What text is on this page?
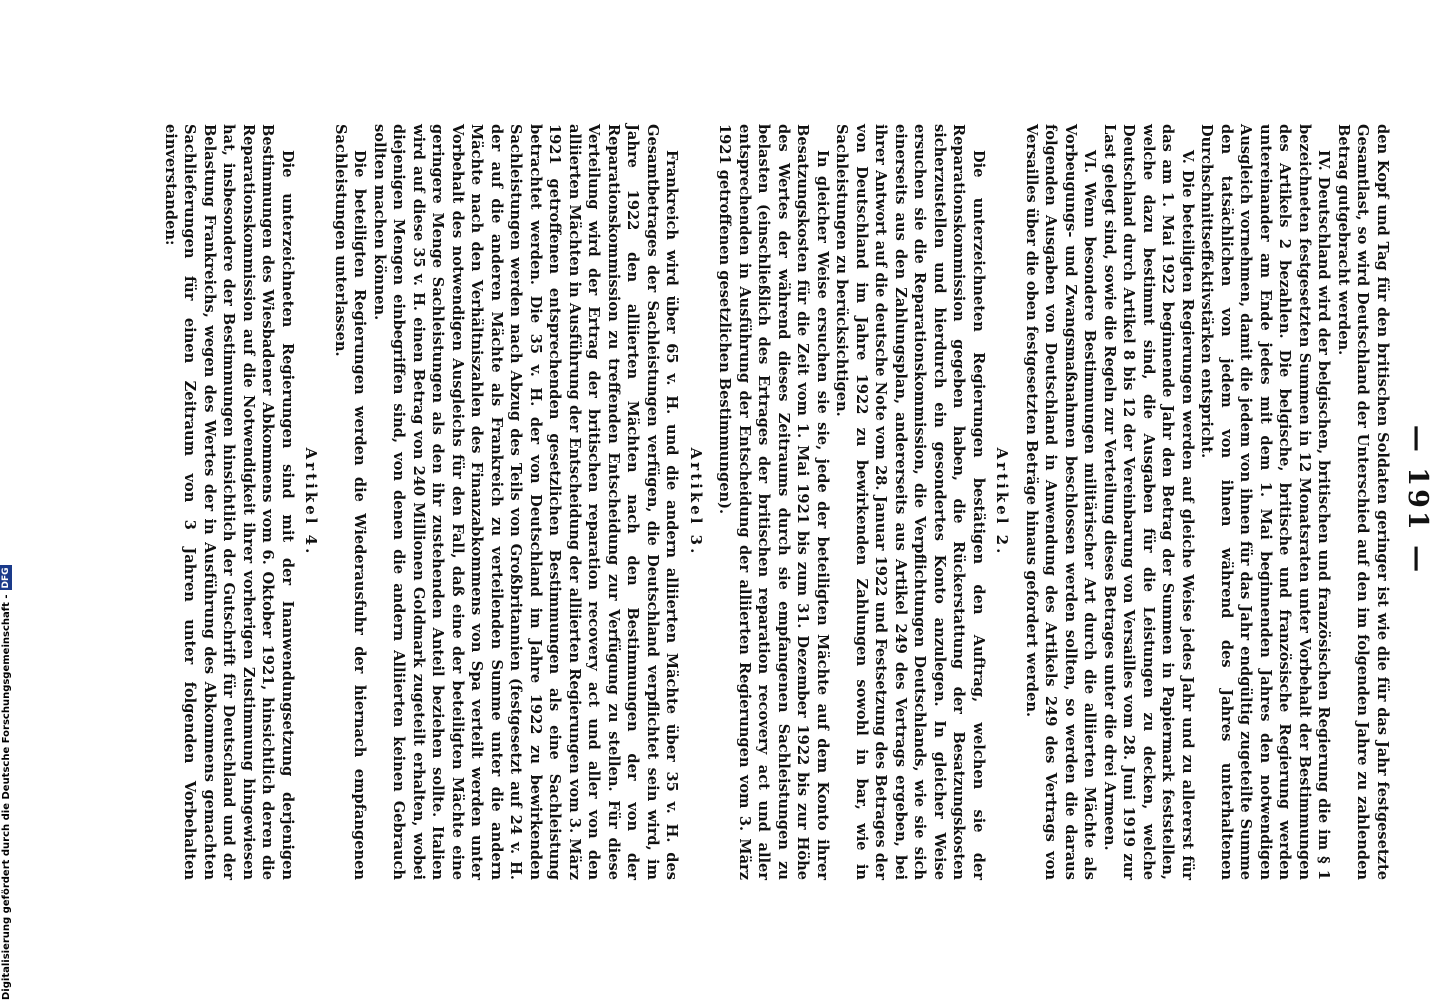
— 191 —

den Kopf und Tag für den britischen Soldaten geringer ist wie die für das Jahr festgesetzte Gesamtlast, so wird Deutschland der Unterschied auf den im folgenden Jahre zu zahlenden Betrag gutgebracht werden.

IV. Deutschland wird der belgischen, britischen und französischen Regierung die im § 1 bezeichneten festgesetzten Summen in 12 Monatsraten unter Vorbehalt der Bestimmungen des Artikels 2 bezahlen. Die belgische, britische und französische Regierung werden untereinander am Ende jedes mit dem 1. Mai beginnenden Jahres den notwendigen Ausgleich vornehmen, damit die jedem von ihnen für das Jahr endgültig zugeteilte Summe den tatsächlichen von jedem von ihnen während des Jahres unterhaltenen Durchschnittseffektivstärken entspricht.

V. Die beteiligten Regierungen werden auf gleiche Weise jedes Jahr und zu allererst für das am 1. Mai 1922 beginnende Jahr den Betrag der Summen in Papiermark feststellen, welche dazu bestimmt sind, die Ausgaben für die Leistungen zu decken, welche Deutschland durch Artikel 8 bis 12 der Vereinbarung von Versailles vom 28. Juni 1919 zur Last gelegt sind, sowie die Regeln zur Verteilung dieses Betrages unter die drei Armeen.

VI. Wenn besondere Bestimmungen militärischer Art durch die alliierten Mächte als Vorbeugungs- und Zwangsmaßnahmen beschlossen werden sollten, so werden die daraus folgenden Ausgaben von Deutschland in Anwendung des Artikels 249 des Vertrags von Versailles über die oben festgesetzten Beträge hinaus gefordert werden.

Artikel 2.

Die unterzeichneten Regierungen bestätigen den Auftrag, welchen sie der Reparationskommission gegeben haben, die Rückerstattung der Besatzungskosten sicherzustellen und hierdurch ein gesondertes Konto anzulegen. In gleicher Weise ersuchen sie die Reparationskommission, die Verpflichtungen Deutschlands, wie sie sich einerseits aus den Zahlungsplan, andererseits aus Artikel 249 des Vertrags ergeben, bei ihrer Antwort auf die deutsche Note vom 28. Januar 1922 und Festsetzung des Betrages der von Deutschland im Jahre 1922 zu bewirkenden Zahlungen sowohl in bar, wie in Sachleistungen zu berücksichtigen.

In gleicher Weise ersuchen sie sie, jede der beteiligten Mächte auf dem Konto ihrer Besatzungskosten für die Zeit vom 1. Mai 1921 bis zum 31. Dezember 1922 bis zur Höhe des Wertes der während dieses Zeitraums durch sie empfangenen Sachleistungen zu belasten (einschließlich des Ertrages der britischen reparation recovery act und aller entsprechenden in Ausführung der Entscheidung der alliierten Regierungen vom 3. März 1921 getroffenen gesetzlichen Bestimmungen).

Artikel 3.

Frankreich wird über 65 v. H. und die andern alliierten Mächte über 35 v. H. des Gesamtbetrages der Sachleistungen verfügen, die Deutschland verpflichtet sein wird, im Jahre 1922 den alliierten Mächten nach den Bestimmungen der von der Reparationskommission zu treffenden Entscheidung zur Verfügung zu stellen. Für diese Verteilung wird der Ertrag der britischen reparation recovery act und aller von den alliierten Mächten in Ausführung der Entscheidung der alliierten Regierungen vom 3. März 1921 getroffenen entsprechenden gesetzlichen Bestimmungen als eine Sachleistung betrachtet werden. Die 35 v. H. der von Deutschland im Jahre 1922 zu bewirkenden Sachleistungen werden nach Abzug des Teils von Großbritannien (festgesetzt auf 24 v. H. der auf die anderen Mächte als Frankreich zu verteilenden Summe unter die andern Mächte nach den Verhältniszahlen des Finanzabkommens von Spa verteilt werden unter Vorbehalt des notwendigen Ausgleichs für den Fall, daß eine der beteiligten Mächte eine geringere Menge Sachleistungen als den ihr zustehenden Anteil beziehen sollte. Italien wird auf diese 35 v. H. einen Betrag von 240 Millionen Goldmark zugeteilt erhalten, wobei diejenigen Mengen einbegriffen sind, von denen die andern Alliierten keinen Gebrauch sollten machen können.

Die beteiligten Regierungen werden die Wiederausfuhr der hiernach empfangenen Sachleistungen unterlassen.

Artikel 4.

Die unterzeichneten Regierungen sind mit der Inanwendungsetzung derjenigen Bestimmungen des Wiesbadener Abkommens vom 6. Oktober 1921, hinsichtlich deren die Reparationskommission auf die Notwendigkeit ihrer vorherigen Zustimmung hingewiesen hat, insbesondere der Bestimmungen hinsichtlich der Gutschrift für Deutschland und der Belastung Frankreichs, wegen des Wertes der in Ausführung des Abkommens gemachten Sachlieferungen für einen Zeitraum von 3 Jahren unter folgenden Vorbehalten einverstanden:

Digitalisierung gefördert durch die Deutsche Forschungsgemeinschaft -DFG
